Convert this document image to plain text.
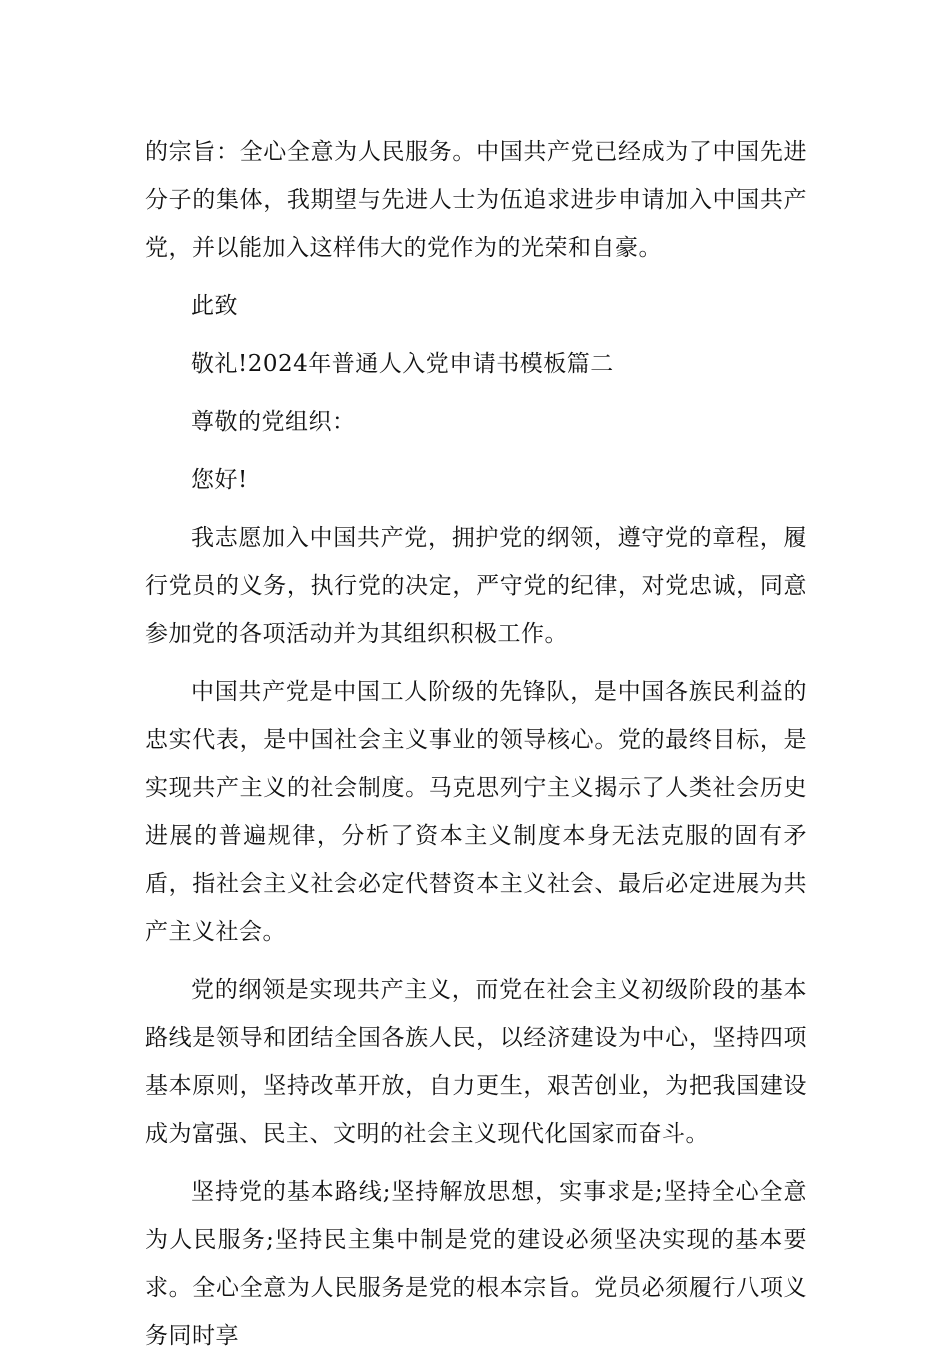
的宗旨：全心全意为人民服务。中国共产党已经成为了中国先进分子的集体，我期望与先进人士为伍追求进步申请加入中国共产党，并以能加入这样伟大的党作为的光荣和自豪。

此致

敬礼!2024年普通人入党申请书模板篇二

尊敬的党组织：

您好!

我志愿加入中国共产党，拥护党的纲领，遵守党的章程，履行党员的义务，执行党的决定，严守党的纪律，对党忠诚，同意参加党的各项活动并为其组织积极工作。

中国共产党是中国工人阶级的先锋队，是中国各族民利益的忠实代表，是中国社会主义事业的领导核心。党的最终目标，是实现共产主义的社会制度。马克思列宁主义揭示了人类社会历史进展的普遍规律，分析了资本主义制度本身无法克服的固有矛盾，指社会主义社会必定代替资本主义社会、最后必定进展为共产主义社会。

党的纲领是实现共产主义，而党在社会主义初级阶段的基本路线是领导和团结全国各族人民，以经济建设为中心，坚持四项基本原则，坚持改革开放，自力更生，艰苦创业，为把我国建设成为富强、民主、文明的社会主义现代化国家而奋斗。

坚持党的基本路线;坚持解放思想，实事求是;坚持全心全意为人民服务;坚持民主集中制是党的建设必须坚决实现的基本要求。全心全意为人民服务是党的根本宗旨。党员必须履行八项义务同时享
